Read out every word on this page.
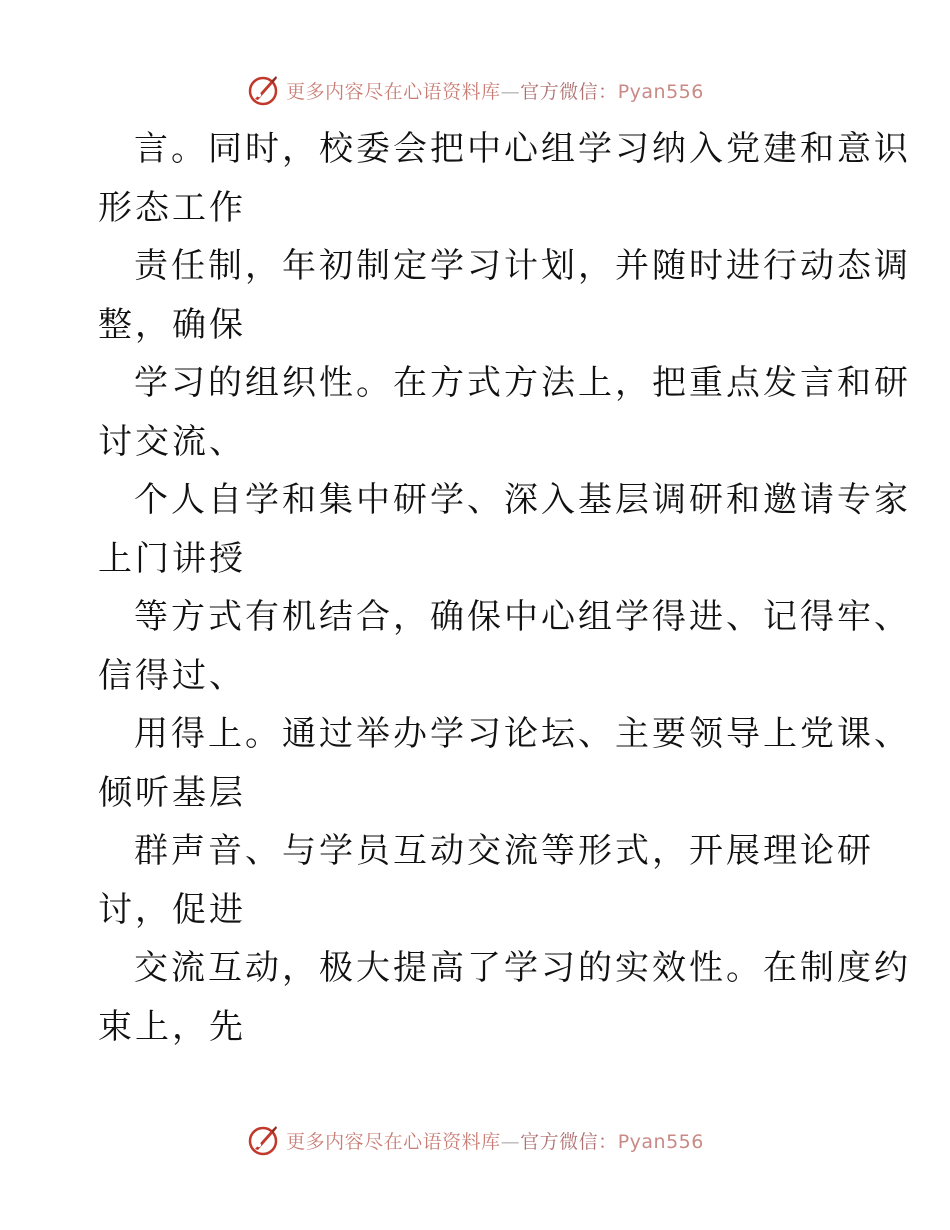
更多内容尽在心语资料库—官方微信：Pyan556
言。同时，校委会把中心组学习纳入党建和意识
形态工作
责任制，年初制定学习计划，并随时进行动态调
整，确保
学习的组织性。在方式方法上，把重点发言和研
讨交流、
个人自学和集中研学、深入基层调研和邀请专家
上门讲授
等方式有机结合，确保中心组学得进、记得牢、
信得过、
用得上。通过举办学习论坛、主要领导上党课、
倾听基层
群声音、与学员互动交流等形式，开展理论研
讨，促进
交流互动，极大提高了学习的实效性。在制度约
束上，先
更多内容尽在心语资料库—官方微信：Pyan556
